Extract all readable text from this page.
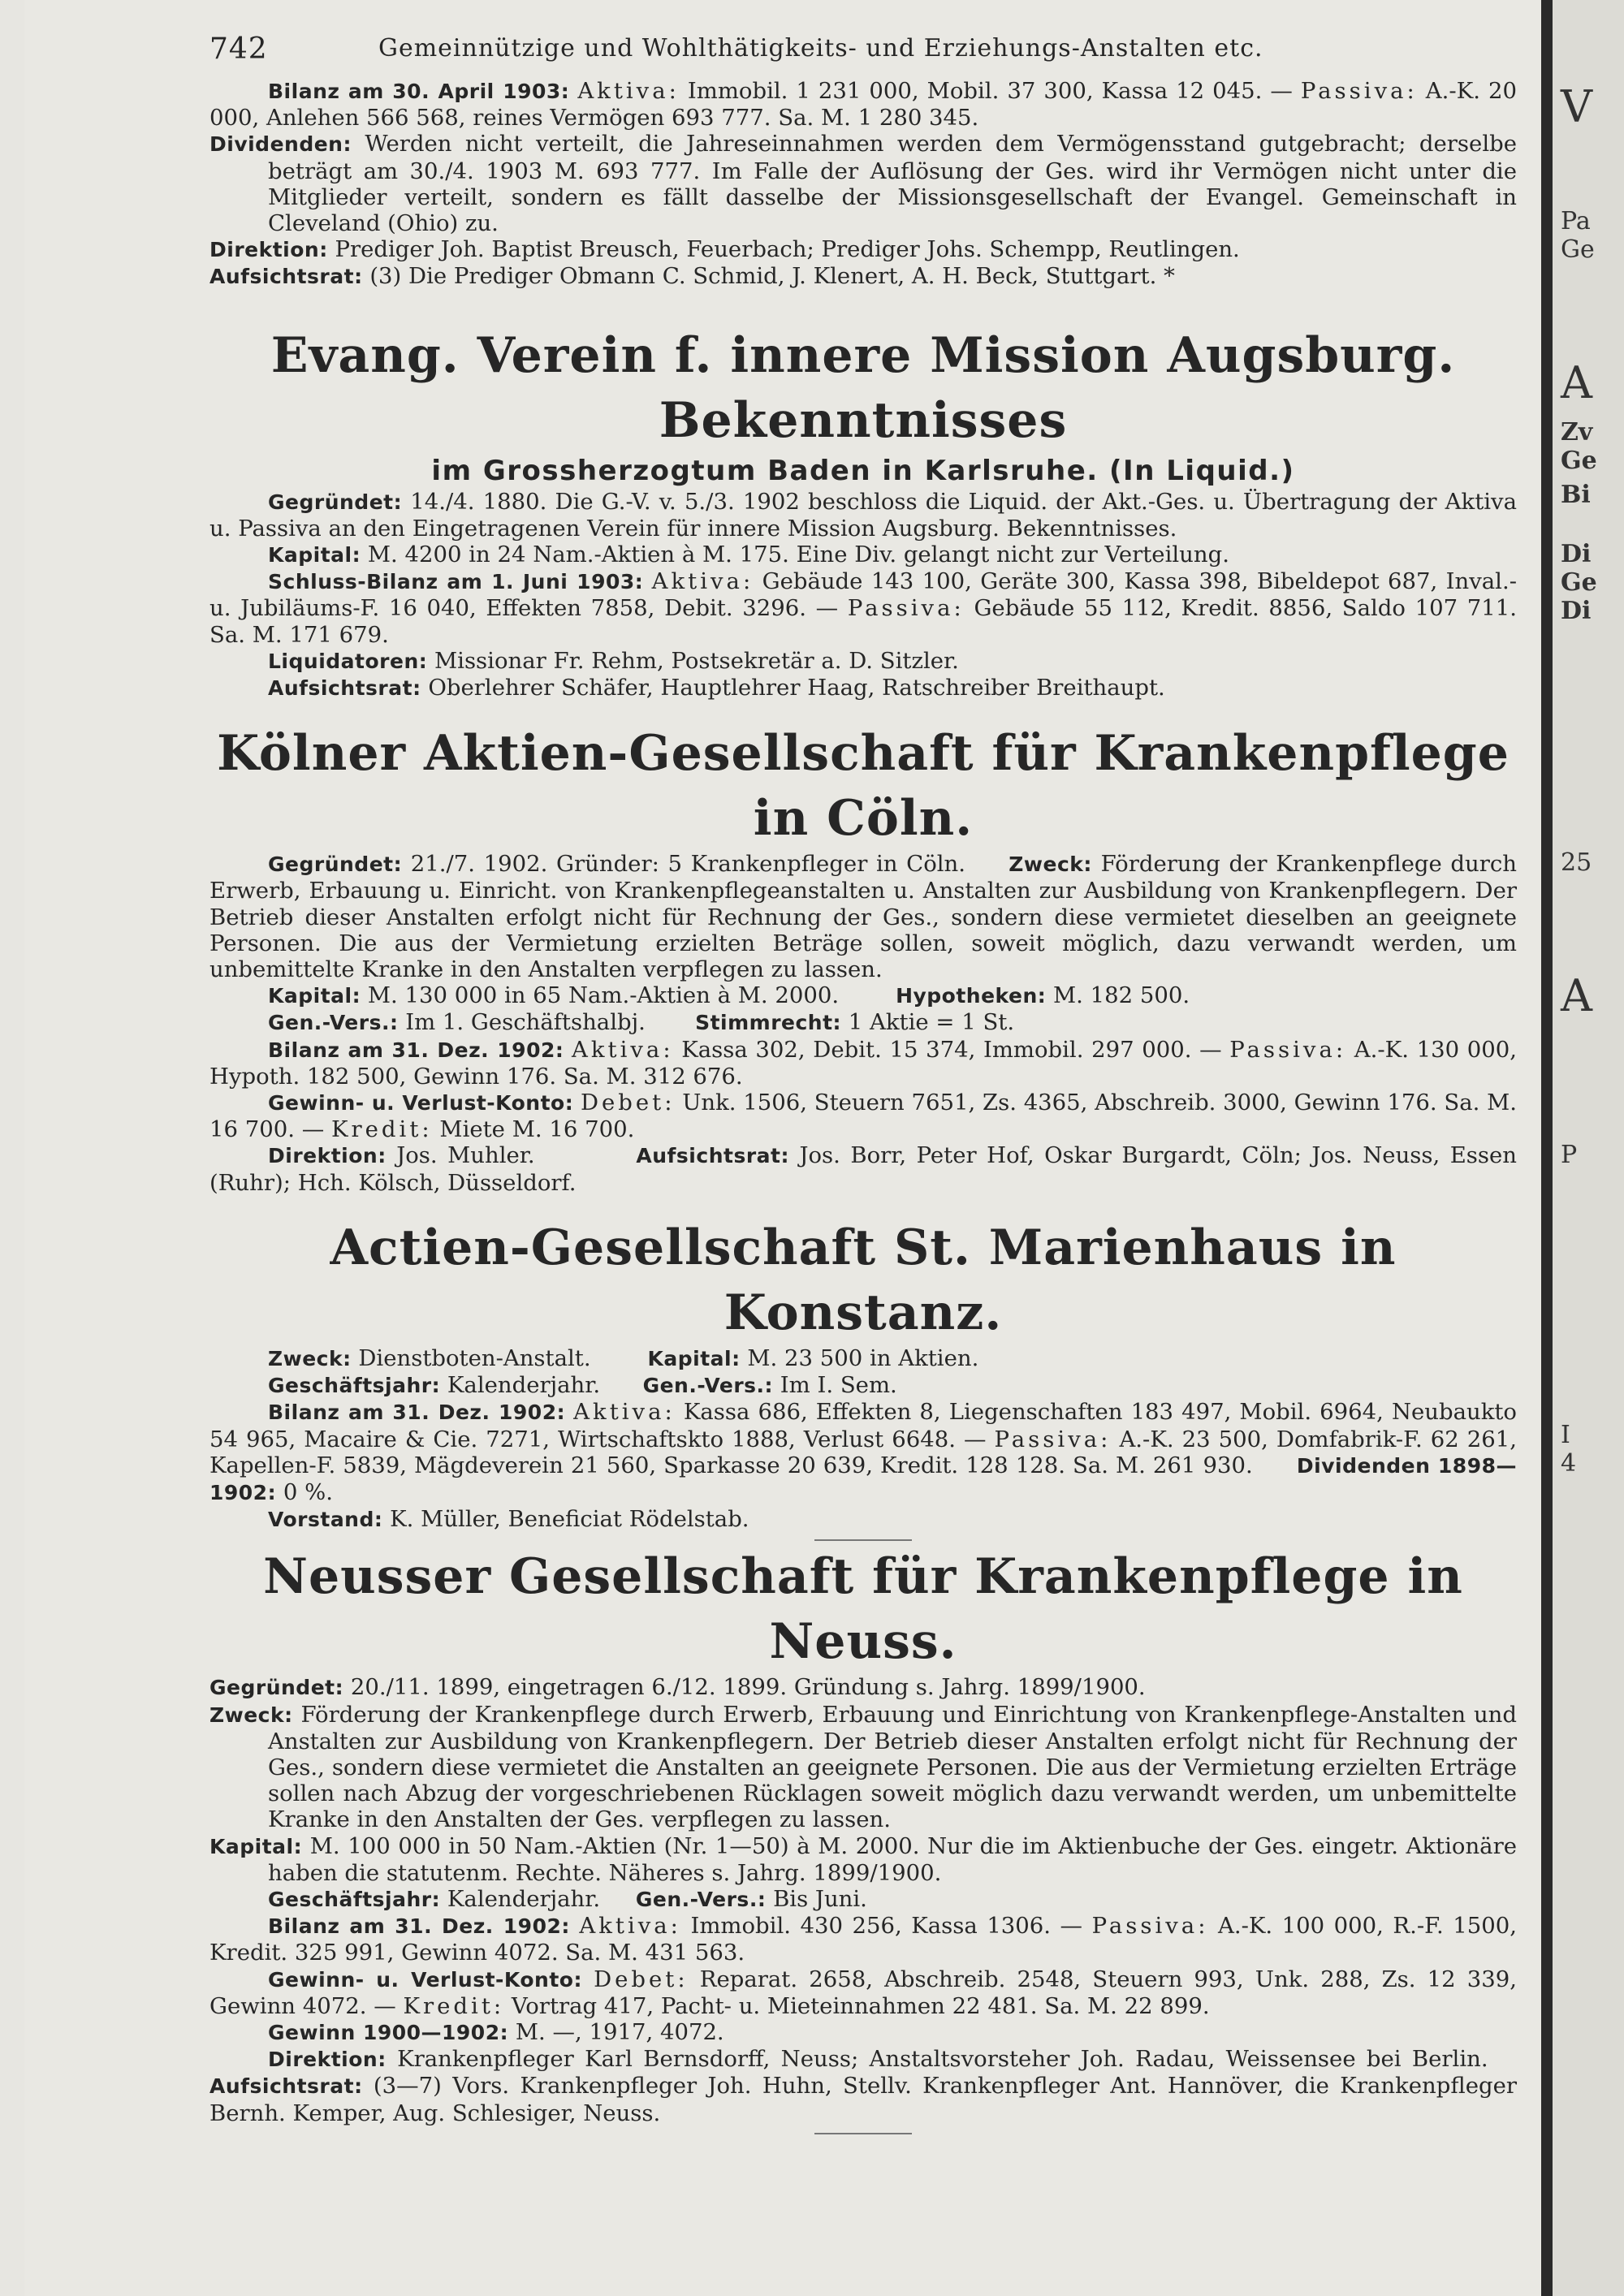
742	Gemeinnützige und Wohlthätigkeits- und Erziehungs-Anstalten etc.

Bilanz am 30. April 1903: Aktiva: Immobil. 1 231 000, Mobil. 37 300, Kassa 12 045. — Passiva: A.-K. 20 000, Anlehen 566 568, reines Vermögen 693 777. Sa. M. 1 280 345.

Dividenden: Werden nicht verteilt, die Jahreseinnahmen werden dem Vermögensstand gutgebracht; derselbe beträgt am 30./4. 1903 M. 693 777. Im Falle der Auflösung der Ges. wird ihr Vermögen nicht unter die Mitglieder verteilt, sondern es fällt dasselbe der Missionsgesellschaft der Evangel. Gemeinschaft in Cleveland (Ohio) zu.

Direktion: Prediger Joh. Baptist Breusch, Feuerbach; Prediger Johs. Schempp, Reutlingen.

Aufsichtsrat: (3) Die Prediger Obmann C. Schmid, J. Klenert, A. H. Beck, Stuttgart. *

Evang. Verein f. innere Mission Augsburg. Bekenntnisses
im Grossherzogtum Baden in Karlsruhe. (In Liquid.)

Gegründet: 14./4. 1880. Die G.-V. v. 5./3. 1902 beschloss die Liquid. der Akt.-Ges. u. Übertragung der Aktiva u. Passiva an den Eingetragenen Verein für innere Mission Augsburg. Bekenntnisses.

Kapital: M. 4200 in 24 Nam.-Aktien à M. 175. Eine Div. gelangt nicht zur Verteilung.

Schluss-Bilanz am 1. Juni 1903: Aktiva: Gebäude 143 100, Geräte 300, Kassa 398, Bibeldepot 687, Inval.- u. Jubiläums-F. 16 040, Effekten 7858, Debit. 3296. — Passiva: Gebäude 55 112, Kredit. 8856, Saldo 107 711. Sa. M. 171 679.

Liquidatoren: Missionar Fr. Rehm, Postsekretär a. D. Sitzler.

Aufsichtsrat: Oberlehrer Schäfer, Hauptlehrer Haag, Ratschreiber Breithaupt.

Kölner Aktien-Gesellschaft für Krankenpflege in Cöln.

Gegründet: 21./7. 1902. Gründer: 5 Krankenpfleger in Cöln. Zweck: Förderung der Krankenpflege durch Erwerb, Erbauung u. Einricht. von Krankenpflegeanstalten u. Anstalten zur Ausbildung von Krankenpflegern. Der Betrieb dieser Anstalten erfolgt nicht für Rechnung der Ges., sondern diese vermietet dieselben an geeignete Personen. Die aus der Vermietung erzielten Beträge sollen, soweit möglich, dazu verwandt werden, um unbemittelte Kranke in den Anstalten verpflegen zu lassen.

Kapital: M. 130 000 in 65 Nam.-Aktien à M. 2000.	Hypotheken: M. 182 500.

Gen.-Vers.: Im 1. Geschäftshalbj. Stimmrecht: 1 Aktie = 1 St.

Bilanz am 31. Dez. 1902: Aktiva: Kassa 302, Debit. 15 374, Immobil. 297 000. — Passiva: A.-K. 130 000, Hypoth. 182 500, Gewinn 176. Sa. M. 312 676.

Gewinn- u. Verlust-Konto: Debet: Unk. 1506, Steuern 7651, Zs. 4365, Abschreib. 3000, Gewinn 176. Sa. M. 16 700. — Kredit: Miete M. 16 700.

Direktion: Jos. Muhler.	Aufsichtsrat: Jos. Borr, Peter Hof, Oskar Burgardt, Cöln; Jos. Neuss, Essen (Ruhr); Hch. Kölsch, Düsseldorf.

Actien-Gesellschaft St. Marienhaus in Konstanz.

Zweck: Dienstboten-Anstalt.	Kapital: M. 23 500 in Aktien.

Geschäftsjahr: Kalenderjahr. Gen.-Vers.: Im I. Sem.

Bilanz am 31. Dez. 1902: Aktiva: Kassa 686, Effekten 8, Liegenschaften 183 497, Mobil. 6964, Neubaukto 54 965, Macaire & Cie. 7271, Wirtschaftskto 1888, Verlust 6648. — Passiva: A.-K. 23 500, Domfabrik-F. 62 261, Kapellen-F. 5839, Mägdeverein 21 560, Sparkasse 20 639, Kredit. 128 128. Sa. M. 261 930. Dividenden 1898—1902: 0 %.

Vorstand: K. Müller, Beneficiat Rödelstab.

Neusser Gesellschaft für Krankenpflege in Neuss.

Gegründet: 20./11. 1899, eingetragen 6./12. 1899. Gründung s. Jahrg. 1899/1900.

Zweck: Förderung der Krankenpflege durch Erwerb, Erbauung und Einrichtung von Krankenpflege-Anstalten und Anstalten zur Ausbildung von Krankenpflegern. Der Betrieb dieser Anstalten erfolgt nicht für Rechnung der Ges., sondern diese vermietet die Anstalten an geeignete Personen. Die aus der Vermietung erzielten Erträge sollen nach Abzug der vorgeschriebenen Rücklagen soweit möglich dazu verwandt werden, um unbemittelte Kranke in den Anstalten der Ges. verpflegen zu lassen.

Kapital: M. 100 000 in 50 Nam.-Aktien (Nr. 1—50) à M. 2000. Nur die im Aktienbuche der Ges. eingetr. Aktionäre haben die statutenm. Rechte. Näheres s. Jahrg. 1899/1900.

Geschäftsjahr: Kalenderjahr. Gen.-Vers.: Bis Juni.

Bilanz am 31. Dez. 1902: Aktiva: Immobil. 430 256, Kassa 1306. — Passiva: A.-K. 100 000, R.-F. 1500, Kredit. 325 991, Gewinn 4072. Sa. M. 431 563.

Gewinn- u. Verlust-Konto: Debet: Reparat. 2658, Abschreib. 2548, Steuern 993, Unk. 288, Zs. 12 339, Gewinn 4072. — Kredit: Vortrag 417, Pacht- u. Mieteinnahmen 22 481. Sa. M. 22 899.

Gewinn 1900—1902: M. —, 1917, 4072.

Direktion: Krankenpfleger Karl Bernsdorff, Neuss; Anstaltsvorsteher Joh. Radau, Weissensee bei Berlin.    Aufsichtsrat: (3—7) Vors. Krankenpfleger Joh. Huhn, Stellv. Krankenpfleger Ant. Hannöver, die Krankenpfleger Bernh. Kemper, Aug. Schlesiger, Neuss.

V
Pa
Ge
A
Zv
Ge
Bi
Di
Ge
Di
25
A
P
I
4
